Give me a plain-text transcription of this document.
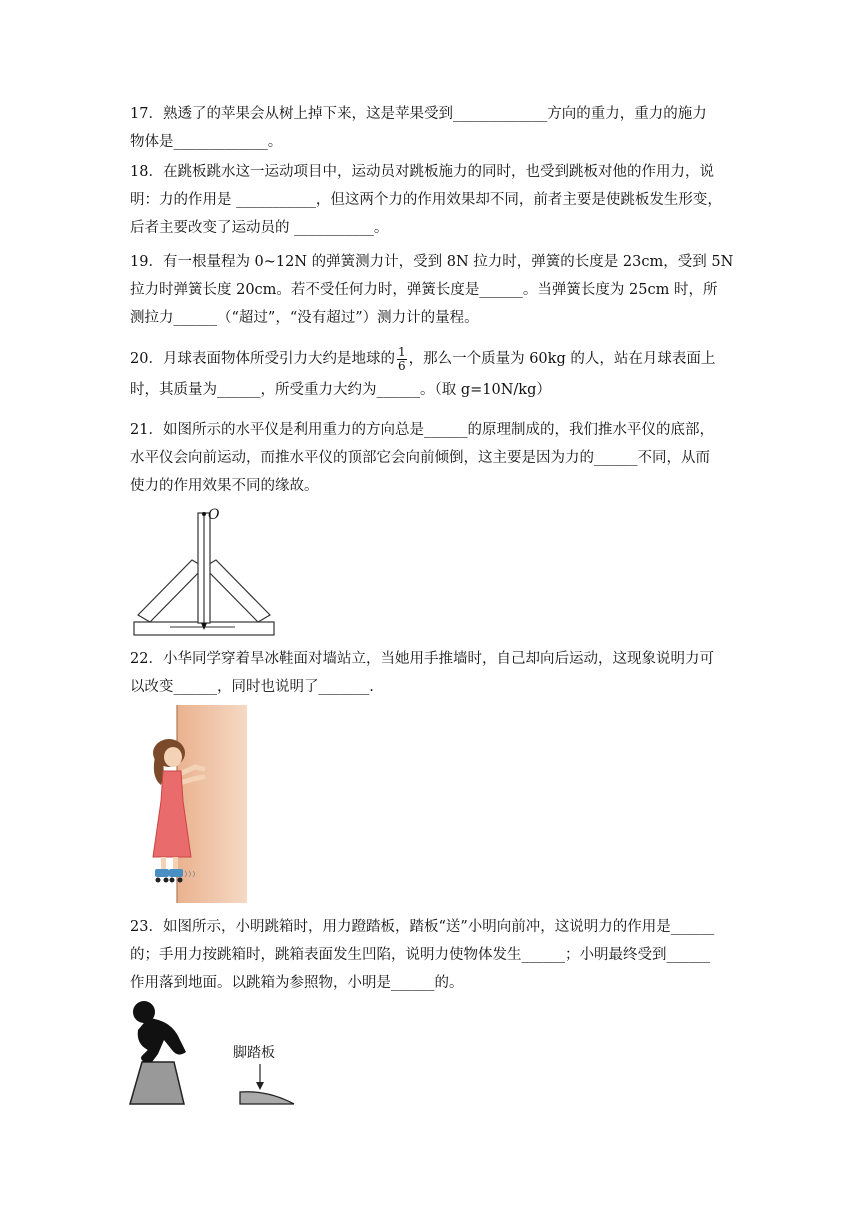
17．熟透了的苹果会从树上掉下来，这是苹果受到_____________方向的重力，重力的施力
物体是_____________。
18．在跳板跳水这一运动项目中，运动员对跳板施力的同时，也受到跳板对他的作用力，说
明：力的作用是 ___________，但这两个力的作用效果却不同，前者主要是使跳板发生形变，
后者主要改变了运动员的 ___________。
19．有一根量程为 0~12N 的弹簧测力计，受到 8N 拉力时，弹簧的长度是 23cm，受到 5N
拉力时弹簧长度 20cm。若不受任何力时，弹簧长度是______。当弹簧长度为 25cm 时，所
测拉力______（“超过”，“没有超过”）测力计的量程。
20．月球表面物体所受引力大约是地球的 $\frac{1}{6}$ ，那么一个质量为 60kg 的人，站在月球表面上
时，其质量为______，所受重力大约为______。（取 g=10N/kg）
21．如图所示的水平仪是利用重力的方向总是______的原理制成的，我们推水平仪的底部，
水平仪会向前运动，而推水平仪的顶部它会向前倾倒，这主要是因为力的______不同，从而
使力的作用效果不同的缘故。
O
22．小华同学穿着旱冰鞋面对墙站立，当她用手推墙时，自己却向后运动，这现象说明力可
以改变______，同时也说明了_______.
23．如图所示，小明跳箱时，用力蹬踏板，踏板“送”小明向前冲，这说明力的作用是______
的；手用力按跳箱时，跳箱表面发生凹陷，说明力使物体发生______；小明最终受到______
作用落到地面。以跳箱为参照物，小明是______的。
脚踏板
